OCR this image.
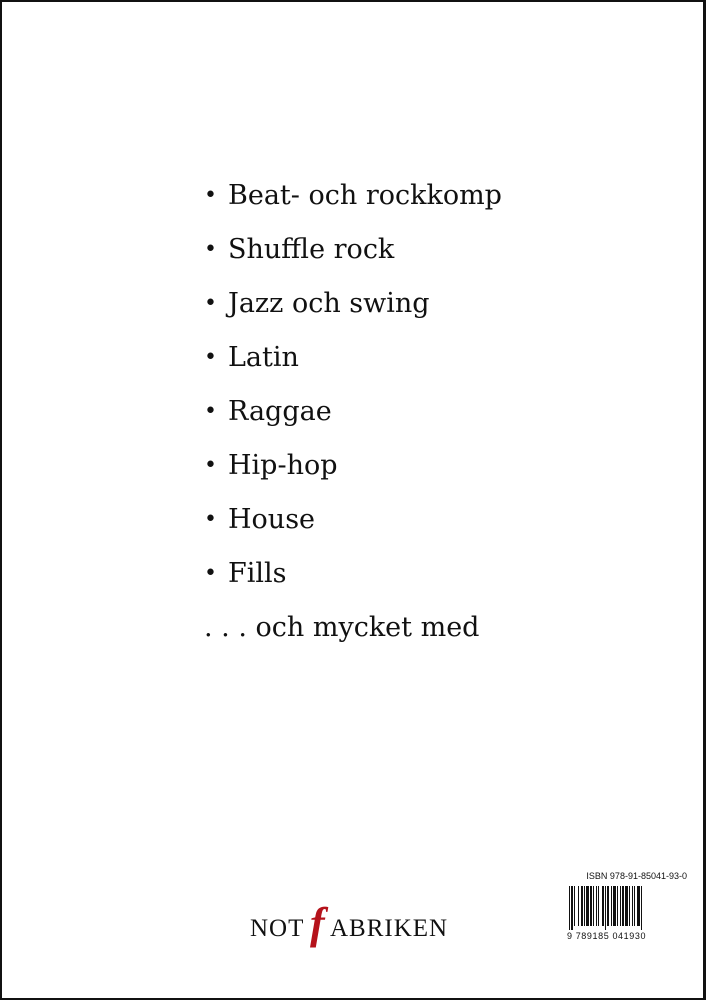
• Beat- och rockkomp
• Shuffle rock
• Jazz och swing
• Latin
• Raggae
• Hip-hop
• House
• Fills
. . . och mycket med
NOT f ABRIKEN
ISBN 978-91-85041-93-0
9 789185 041930
